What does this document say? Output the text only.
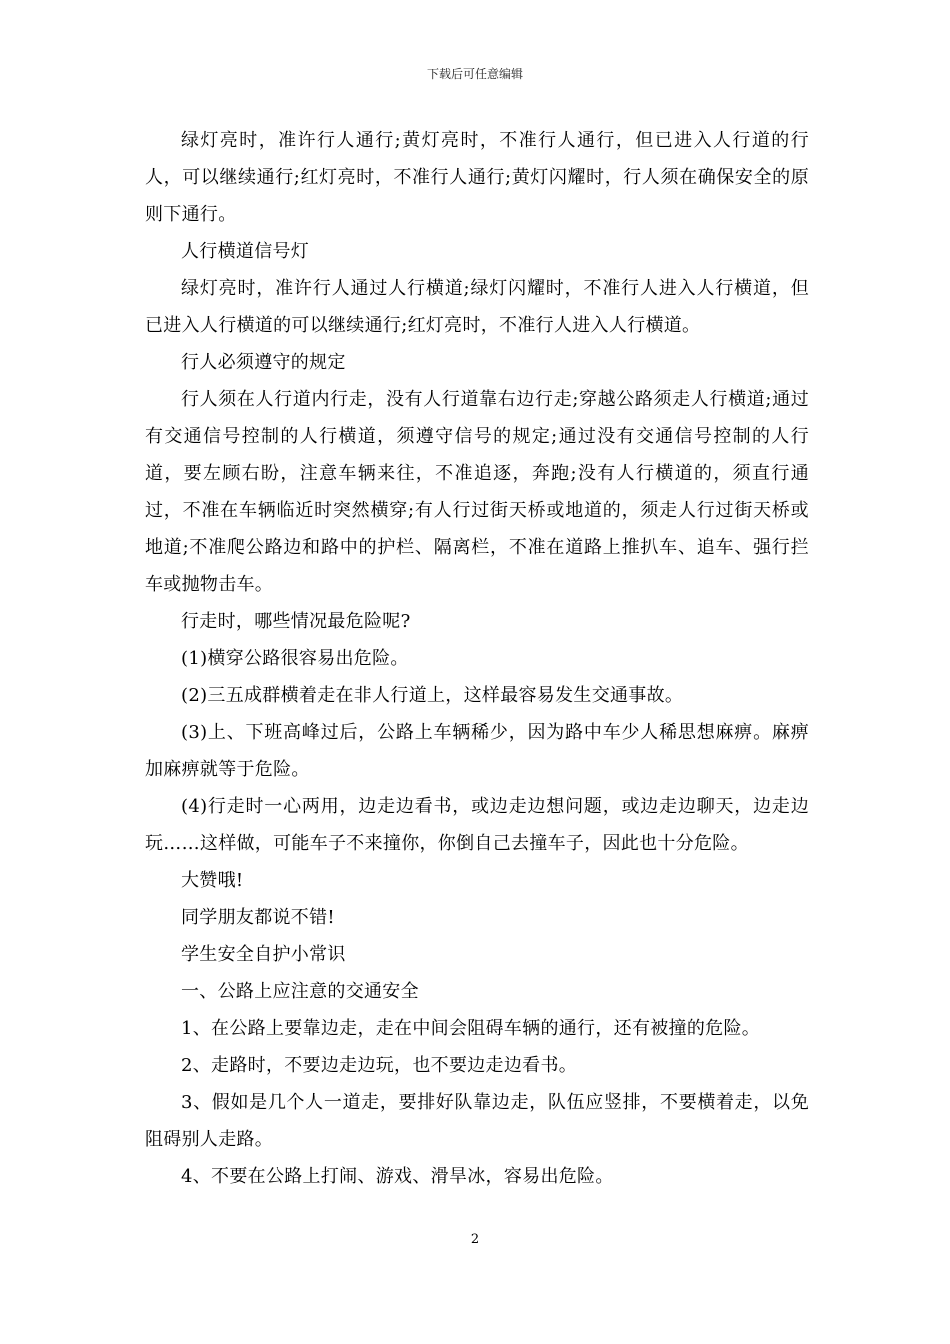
下载后可任意编辑

绿灯亮时，准许行人通行;黄灯亮时，不准行人通行，但已进入人行道的行人，可以继续通行;红灯亮时，不准行人通行;黄灯闪耀时，行人须在确保安全的原则下通行。

人行横道信号灯

绿灯亮时，准许行人通过人行横道;绿灯闪耀时，不准行人进入人行横道，但已进入人行横道的可以继续通行;红灯亮时，不准行人进入人行横道。

行人必须遵守的规定

行人须在人行道内行走，没有人行道靠右边行走;穿越公路须走人行横道;通过有交通信号控制的人行横道，须遵守信号的规定;通过没有交通信号控制的人行道，要左顾右盼，注意车辆来往，不准追逐，奔跑;没有人行横道的，须直行通过，不准在车辆临近时突然横穿;有人行过街天桥或地道的，须走人行过街天桥或地道;不准爬公路边和路中的护栏、隔离栏，不准在道路上推扒车、追车、强行拦车或抛物击车。

行走时，哪些情况最危险呢?

(1)横穿公路很容易出危险。

(2)三五成群横着走在非人行道上，这样最容易发生交通事故。

(3)上、下班高峰过后，公路上车辆稀少，因为路中车少人稀思想麻痹。麻痹加麻痹就等于危险。

(4)行走时一心两用，边走边看书，或边走边想问题，或边走边聊天，边走边玩……这样做，可能车子不来撞你，你倒自己去撞车子，因此也十分危险。

大赞哦!

同学朋友都说不错!

学生安全自护小常识

一、公路上应注意的交通安全

1、在公路上要靠边走，走在中间会阻碍车辆的通行，还有被撞的危险。

2、走路时，不要边走边玩，也不要边走边看书。

3、假如是几个人一道走，要排好队靠边走，队伍应竖排，不要横着走，以免阻碍别人走路。

4、不要在公路上打闹、游戏、滑旱冰，容易出危险。

2
